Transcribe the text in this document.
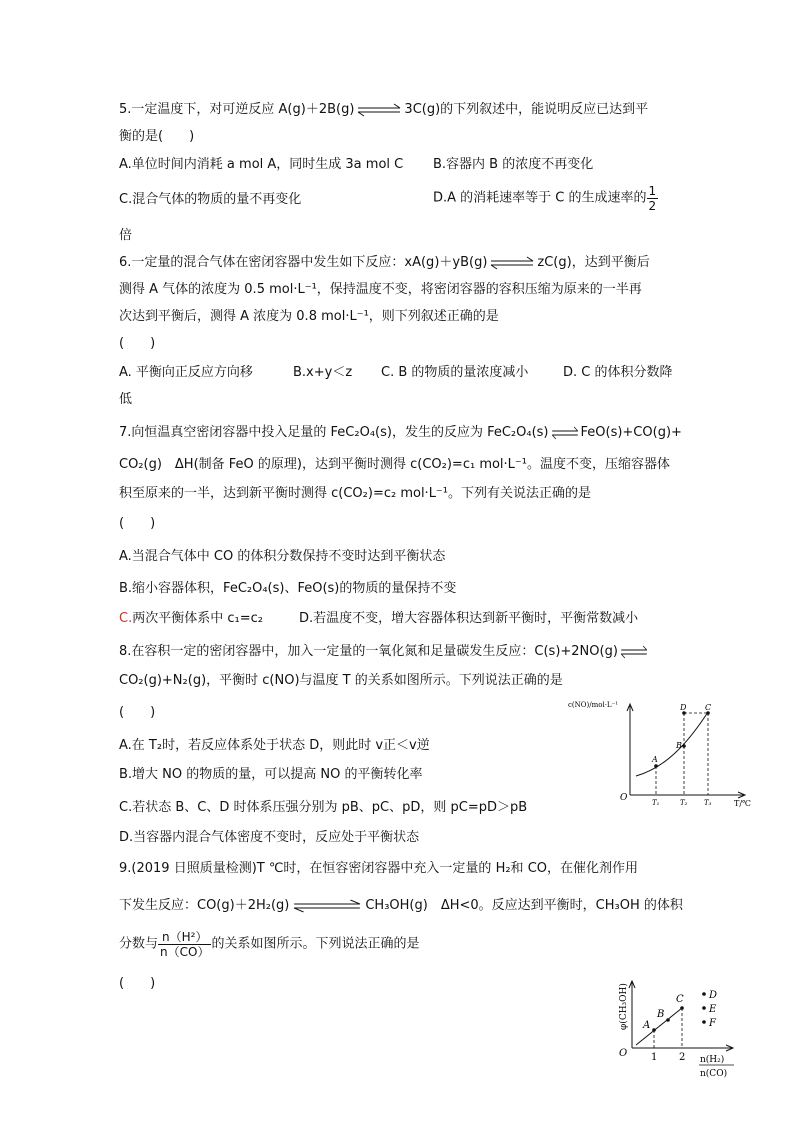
5.一定温度下，对可逆反应 A(g)＋2B(g)	3C(g)的下列叙述中，能说明反应已达到平
衡的是(　　)
A.单位时间内消耗 a mol A，同时生成 3a mol C B.容器内 B 的浓度不再变化
C.混合气体的物质的量不再变化	D.A 的消耗速率等于 C 的生成速率的 $\frac{1}{2}$
倍
6.一定量的混合气体在密闭容器中发生如下反应：xA(g)＋yB(g)	zC(g)，达到平衡后
测得 A 气体的浓度为 0.5 mol·L⁻¹，保持温度不变，将密闭容器的容积压缩为原来的一半再
次达到平衡后，测得 A 浓度为 0.8 mol·L⁻¹，则下列叙述正确的是
(　　)
A. 平衡向正反应方向移	B.x+y＜z C. B 的物质的量浓度减小	D. C 的体积分数降
低
7.向恒温真空密闭容器中投入足量的 FeC₂O₄(s)，发生的反应为 FeC₂O₄(s) FeO(s)+CO(g)+
CO₂(g)　ΔH(制备 FeO 的原理)，达到平衡时测得 c(CO₂)=c₁ mol·L⁻¹。温度不变，压缩容器体
积至原来的一半，达到新平衡时测得 c(CO₂)=c₂ mol·L⁻¹。下列有关说法正确的是
(　　)
A.当混合气体中 CO 的体积分数保持不变时达到平衡状态
B.缩小容器体积，FeC₂O₄(s)、FeO(s)的物质的量保持不变
C.两次平衡体系中 c₁=c₂	D.若温度不变，增大容器体积达到新平衡时，平衡常数减小
8.在容积一定的密闭容器中，加入一定量的一氧化氮和足量碳发生反应：C(s)+2NO(g)
CO₂(g)+N₂(g)，平衡时 c(NO)与温度 T 的关系如图所示。下列说法正确的是
(　　)
A.在 T₂时，若反应体系处于状态 D，则此时 v正＜v逆
B.增大 NO 的物质的量，可以提高 NO 的平衡转化率
C.若状态 B、C、D 时体系压强分别为 pB、pC、pD，则 pC=pD＞pB
D.当容器内混合气体密度不变时，反应处于平衡状态
c(NO)/mol·L⁻¹
T/℃
O
A
B
C
D
T₁	T₂ T₃
9.(2019 日照质量检测)T ℃时，在恒容密闭容器中充入一定量的 H₂和 CO，在催化剂作用
下发生反应：CO(g)＋2H₂(g)	CH₃OH(g)　ΔH<0。反应达到平衡时，CH₃OH 的体积
分数与 $\frac{\text{n（H²）}}{n(CO)}$ 的关系如图所示。下列说法正确的是
(　　)	φ(CH₃OH)
O
A
B
C	D
E
F
1 2 n(H₂)
n(CO)
